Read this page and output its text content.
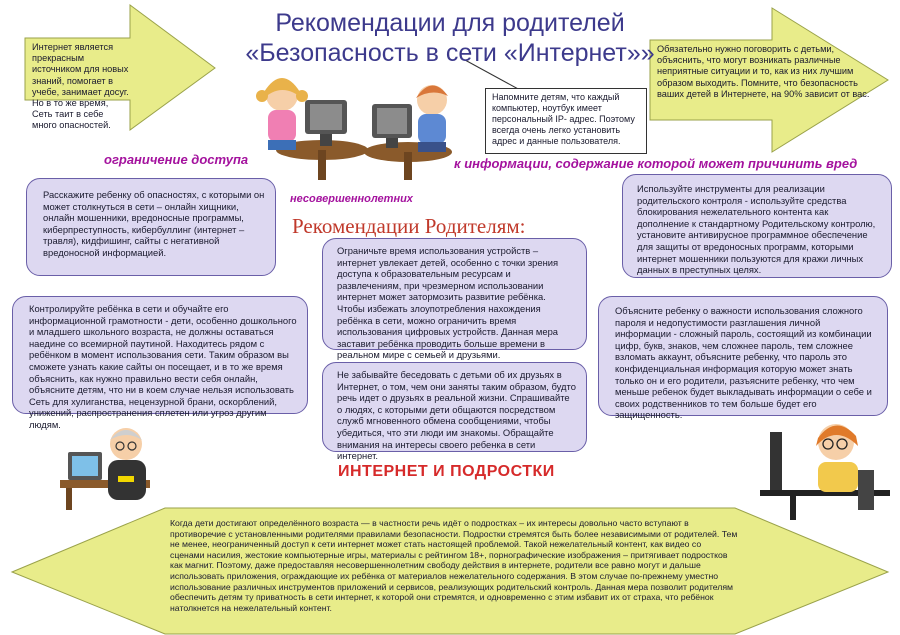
Рекомендации для родителей
«Безопасность в сети «Интернет»»
Интернет является прекрасным источником для новых знаний, помогает в учебе, занимает досуг. Но в то же время, Сеть таит в себе много опасностей.
Обязательно нужно поговорить с детьми, объяснить, что могут возникать различные неприятные ситуации и то, как из них лучшим образом выходить. Помните, что безопасность ваших детей в Интернете, на 90% зависит от вас.
Напомните детям, что каждый компьютер, ноутбук имеет персональный IP- адрес. Поэтому всегда очень легко установить адрес и данные пользователя.
ограничение доступа
несовершеннолетних
к информации, содержание которой может причинить вред
Рекомендации Родителям:
Расскажите ребенку об опасностях, с которыми он может столкнуться в сети – онлайн хищники, онлайн мошенники, вредоносные программы, киберпреступность, кибербуллинг (интернет – травля), кидфишинг, сайты с негативной вредоносной информацией.
Используйте инструменты для реализации родительского контроля - используйте средства блокирования нежелательного контента как дополнение к стандартному Родительскому контролю, установите антивирусное программное обеспечение для защиты от вредоносных программ, которыми интернет мошенники пользуются для кражи личных данных в преступных целях.
Ограничьте время использования устройств – интернет увлекает детей, особенно с точки зрения доступа к образовательным ресурсам и развлечениям, при чрезмерном использовании интернет может затормозить развитие ребёнка. Чтобы избежать злоупотребления нахождения ребёнка в сети, можно ограничить время использования цифровых устройств. Данная мера заставит ребёнка проводить больше времени в реальном мире с семьей и друзьями.
Контролируйте ребёнка в сети и обучайте его информационной грамотности - дети, особенно дошкольного и младшего школьного возраста, не должны оставаться наедине со всемирной паутиной. Находитесь рядом с ребёнком в момент использования сети. Таким образом вы сможете узнать какие сайты он посещает, и в то же время объяснить, как нужно правильно вести себя онлайн, объясните детям, что ни в коем случае нельзя использовать Сеть для хулиганства, нецензурной брани, оскорблений, унижений, распространения сплетен или угроз другим людям.
Объясните ребенку о важности использования сложного пароля и недопустимости разглашения личной информации - сложный пароль, состоящий из комбинации цифр, букв, знаков, чем сложнее пароль, тем сложнее взломать аккаунт, объясните ребенку, что пароль это конфиденциальная информация которую может знать только он и его родители, разъясните ребенку, что чем меньше ребенок будет выкладывать информации о себе и своих родственников то тем больше будет его защищенность.
Не забывайте беседовать с детьми об их друзьях в Интернет, о том, чем они заняты таким образом, будто речь идет о друзьях в реальной жизни. Спрашивайте о людях, с которыми дети общаются посредством служб мгновенного обмена сообщениями, чтобы убедиться, что эти люди им знакомы. Обращайте внимания на интересы своего ребенка в сети интернет.
ИНТЕРНЕТ И ПОДРОСТКИ
Когда дети достигают определённого возраста — в частности речь идёт о подростках – их интересы довольно часто вступают в противоречие с установленными родителями правилами безопасности. Подростки стремятся быть более независимыми от родителей. Тем не менее, неограниченный доступ к сети интернет может стать настоящей проблемой. Такой нежелательный контент, как видео со сценами насилия, жестокие компьютерные игры, материалы с рейтингом 18+, порнографические изображения – притягивает подростков как магнит. Поэтому, даже предоставляя несовершеннолетним свободу действия в интернете, родители все равно могут и дальше использовать приложения, ограждающие их ребёнка от материалов нежелательного содержания. В этом случае по-прежнему уместно использование различных инструментов приложений и сервисов, реализующих родительский контроль. Данная мера позволит родителям обеспечить детям ту приватность в сети интернет, к которой они стремятся, и одновременно с этим избавит их от страха, что ребёнок натолкнется на нежелательный контент.
